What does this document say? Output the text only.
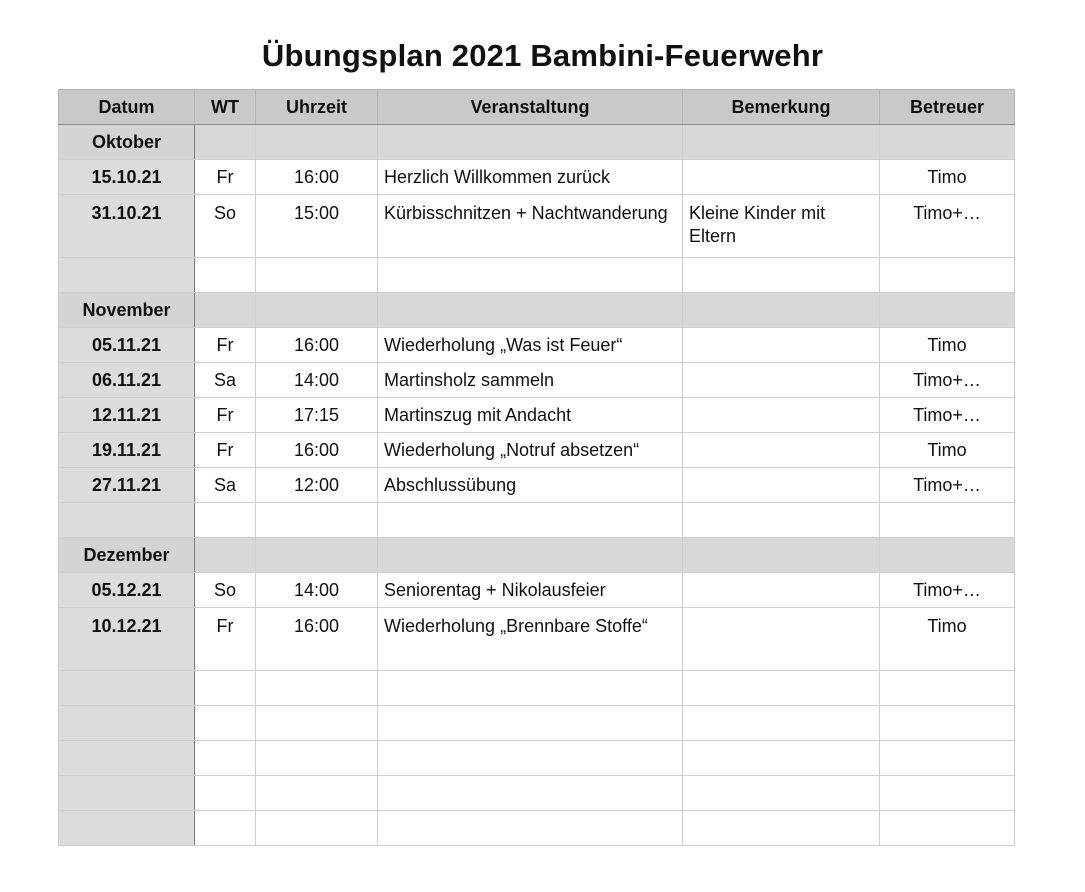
Übungsplan 2021 Bambini-Feuerwehr
Datum	WT	Uhrzeit	Veranstaltung	Bemerkung	Betreuer
Oktober					
15.10.21	Fr	16:00	Herzlich Willkommen zurück		Timo
31.10.21	So	15:00	Kürbisschnitzen + Nachtwanderung	Kleine Kinder mit Eltern	Timo+…

November					
05.11.21	Fr	16:00	Wiederholung „Was ist Feuer“		Timo
06.11.21	Sa	14:00	Martinsholz sammeln		Timo+…
12.11.21	Fr	17:15	Martinszug mit Andacht		Timo+…
19.11.21	Fr	16:00	Wiederholung „Notruf absetzen“		Timo
27.11.21	Sa	12:00	Abschlussübung		Timo+…

Dezember					
05.12.21	So	14:00	Seniorentag + Nikolausfeier		Timo+…
10.12.21	Fr	16:00	Wiederholung „Brennbare Stoffe“		Timo
